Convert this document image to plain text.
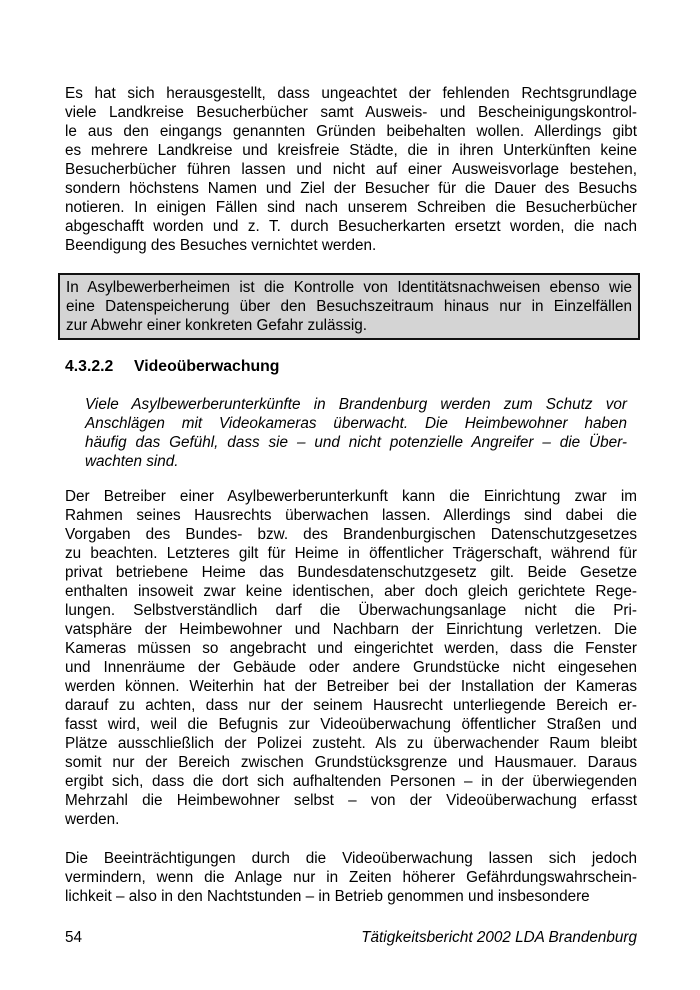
Es hat sich herausgestellt, dass ungeachtet der fehlenden Rechtsgrundlage
viele Landkreise Besucherbücher samt Ausweis- und Bescheinigungskontrol-
le aus den eingangs genannten Gründen beibehalten wollen. Allerdings gibt
es mehrere Landkreise und kreisfreie Städte, die in ihren Unterkünften keine
Besucherbücher führen lassen und nicht auf einer Ausweisvorlage bestehen,
sondern höchstens Namen und Ziel der Besucher für die Dauer des Besuchs
notieren. In einigen Fällen sind nach unserem Schreiben die Besucherbücher
abgeschafft worden und z. T. durch Besucherkarten ersetzt worden, die nach
Beendigung des Besuches vernichtet werden.

In Asylbewerberheimen ist die Kontrolle von Identitätsnachweisen ebenso wie
eine Datenspeicherung über den Besuchszeitraum hinaus nur in Einzelfällen
zur Abwehr einer konkreten Gefahr zulässig.
4.3.2.2 Videoüberwachung
Viele Asylbewerberunterkünfte in Brandenburg werden zum Schutz vor
Anschlägen mit Videokameras überwacht. Die Heimbewohner haben
häufig das Gefühl, dass sie – und nicht potenzielle Angreifer – die Über-
wachten sind.

Der Betreiber einer Asylbewerberunterkunft kann die Einrichtung zwar im
Rahmen seines Hausrechts überwachen lassen. Allerdings sind dabei die
Vorgaben des Bundes- bzw. des Brandenburgischen Datenschutzgesetzes
zu beachten. Letzteres gilt für Heime in öffentlicher Trägerschaft, während für
privat betriebene Heime das Bundesdatenschutzgesetz gilt. Beide Gesetze
enthalten insoweit zwar keine identischen, aber doch gleich gerichtete Rege-
lungen. Selbstverständlich darf die Überwachungsanlage nicht die Pri-
vatsphäre der Heimbewohner und Nachbarn der Einrichtung verletzen. Die
Kameras müssen so angebracht und eingerichtet werden, dass die Fenster
und Innenräume der Gebäude oder andere Grundstücke nicht eingesehen
werden können. Weiterhin hat der Betreiber bei der Installation der Kameras
darauf zu achten, dass nur der seinem Hausrecht unterliegende Bereich er-
fasst wird, weil die Befugnis zur Videoüberwachung öffentlicher Straßen und
Plätze ausschließlich der Polizei zusteht. Als zu überwachender Raum bleibt
somit nur der Bereich zwischen Grundstücksgrenze und Hausmauer. Daraus
ergibt sich, dass die dort sich aufhaltenden Personen – in der überwiegenden
Mehrzahl die Heimbewohner selbst – von der Videoüberwachung erfasst
werden.

Die Beeinträchtigungen durch die Videoüberwachung lassen sich jedoch
vermindern, wenn die Anlage nur in Zeiten höherer Gefährdungswahrschein-
lichkeit – also in den Nachtstunden – in Betrieb genommen und insbesondere

54	Tätigkeitsbericht 2002 LDA Brandenburg
